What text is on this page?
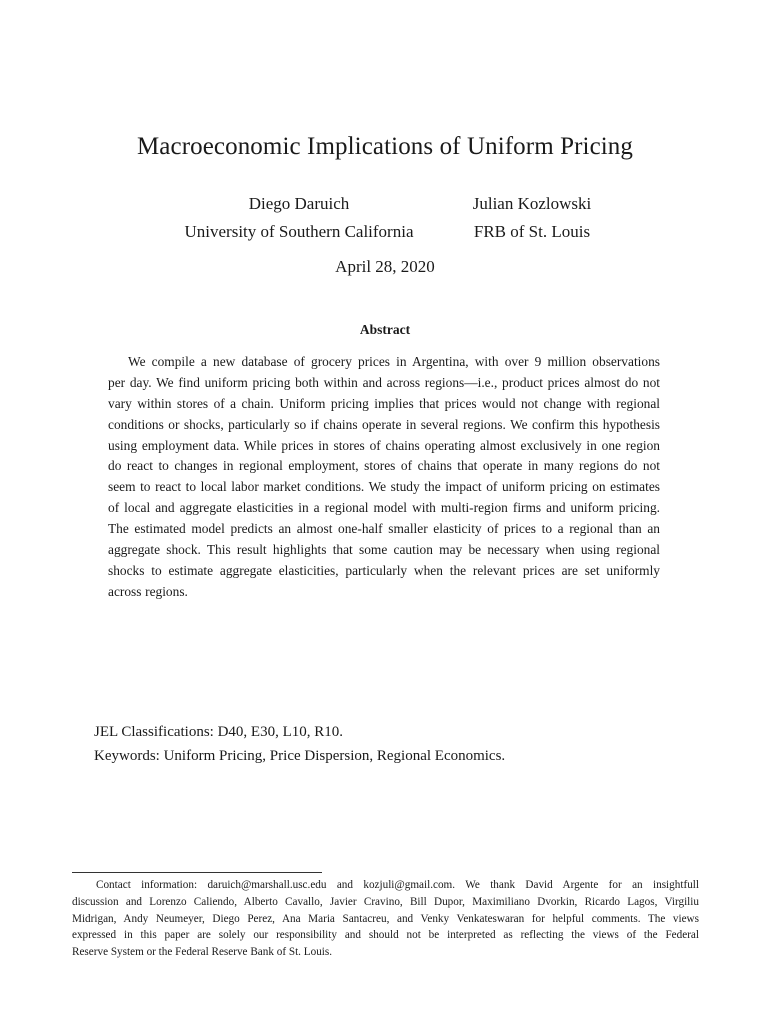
Macroeconomic Implications of Uniform Pricing
Diego Daruich
University of Southern California
Julian Kozlowski
FRB of St. Louis
April 28, 2020
Abstract
We compile a new database of grocery prices in Argentina, with over 9 million observations
per day. We find uniform pricing both within and across regions—i.e., product prices almost do not
vary within stores of a chain. Uniform pricing implies that prices would not change with regional
conditions or shocks, particularly so if chains operate in several regions. We confirm this hypothesis
using employment data. While prices in stores of chains operating almost exclusively in one region
do react to changes in regional employment, stores of chains that operate in many regions do not
seem to react to local labor market conditions. We study the impact of uniform pricing on estimates
of local and aggregate elasticities in a regional model with multi-region firms and uniform pricing.
The estimated model predicts an almost one-half smaller elasticity of prices to a regional than an
aggregate shock. This result highlights that some caution may be necessary when using regional
shocks to estimate aggregate elasticities, particularly when the relevant prices are set uniformly
across regions.
JEL Classifications: D40, E30, L10, R10.
Keywords: Uniform Pricing, Price Dispersion, Regional Economics.
Contact information: daruich@marshall.usc.edu and kozjuli@gmail.com. We thank David Argente for an insightfull
discussion and Lorenzo Caliendo, Alberto Cavallo, Javier Cravino, Bill Dupor, Maximiliano Dvorkin, Ricardo Lagos, Virgiliu
Midrigan, Andy Neumeyer, Diego Perez, Ana Maria Santacreu, and Venky Venkateswaran for helpful comments. The views
expressed in this paper are solely our responsibility and should not be interpreted as reflecting the views of the Federal
Reserve System or the Federal Reserve Bank of St. Louis.
